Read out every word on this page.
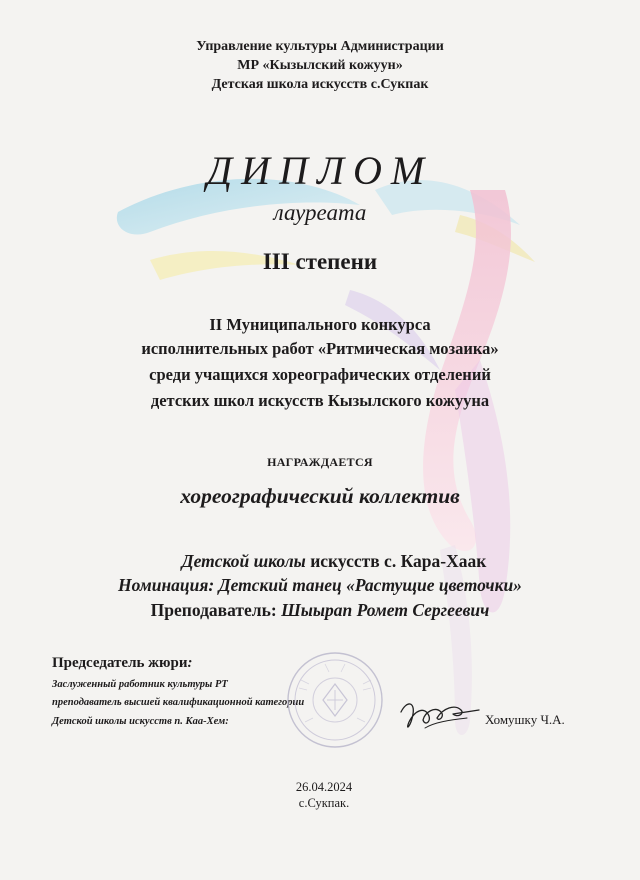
Управление культуры Администрации
МР «Кызылский кожуун»
Детская школа искусств с.Сукпак
ДИПЛОМ
лауреата
III степени
II Муниципального конкурса
исполнительных работ «Ритмическая мозаика»
среди учащихся хореографических отделений
детских школ искусств Кызылского кожууна
НАГРАЖДАЕТСЯ
хореографический коллектив
Детской школы искусств с. Кара-Хаак
Номинация: Детский танец «Растущие цветочки»
Преподаватель: Шыырап Ромет Сергеевич
Председатель жюри:
Заслуженный работник культуры РТ
преподаватель высшей квалификационной категории
Детской школы искусств п. Каа-Хем:	Хомушку Ч.А.
26.04.2024
с.Сукпак.
